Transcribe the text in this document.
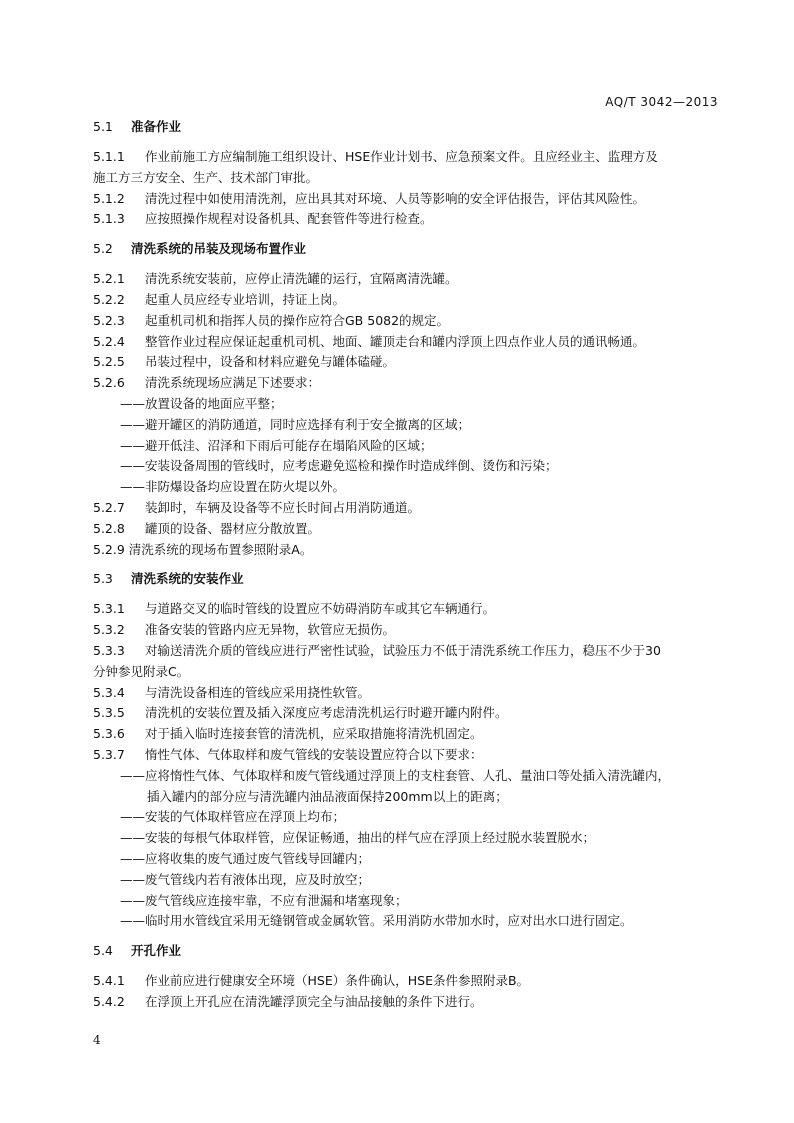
AQ/T 3042—2013
5.1 准备作业
5.1.1 作业前施工方应编制施工组织设计、HSE作业计划书、应急预案文件。且应经业主、监理方及
施工方三方安全、生产、技术部门审批。
5.1.2 清洗过程中如使用清洗剂，应出具其对环境、人员等影响的安全评估报告，评估其风险性。
5.1.3 应按照操作规程对设备机具、配套管件等进行检查。
5.2 清洗系统的吊装及现场布置作业
5.2.1 清洗系统安装前，应停止清洗罐的运行，宜隔离清洗罐。
5.2.2 起重人员应经专业培训，持证上岗。
5.2.3 起重机司机和指挥人员的操作应符合GB 5082的规定。
5.2.4 整管作业过程应保证起重机司机、地面、罐顶走台和罐内浮顶上四点作业人员的通讯畅通。
5.2.5 吊装过程中，设备和材料应避免与罐体磕碰。
5.2.6 清洗系统现场应满足下述要求：
——放置设备的地面应平整；
——避开罐区的消防通道，同时应选择有利于安全撤离的区域；
——避开低洼、沼泽和下雨后可能存在塌陷风险的区域；
——安装设备周围的管线时，应考虑避免巡检和操作时造成绊倒、烫伤和污染；
——非防爆设备均应设置在防火堤以外。
5.2.7 装卸时，车辆及设备等不应长时间占用消防通道。
5.2.8 罐顶的设备、器材应分散放置。
5.2.9 清洗系统的现场布置参照附录A。
5.3 清洗系统的安装作业
5.3.1 与道路交叉的临时管线的设置应不妨碍消防车或其它车辆通行。
5.3.2 准备安装的管路内应无异物，软管应无损伤。
5.3.3 对输送清洗介质的管线应进行严密性试验，试验压力不低于清洗系统工作压力，稳压不少于30
分钟参见附录C。
5.3.4 与清洗设备相连的管线应采用挠性软管。
5.3.5 清洗机的安装位置及插入深度应考虑清洗机运行时避开罐内附件。
5.3.6 对于插入临时连接套管的清洗机，应采取措施将清洗机固定。
5.3.7 惰性气体、气体取样和废气管线的安装设置应符合以下要求：
——应将惰性气体、气体取样和废气管线通过浮顶上的支柱套管、人孔、量油口等处插入清洗罐内，
插入罐内的部分应与清洗罐内油品液面保持200mm以上的距离；
——安装的气体取样管应在浮顶上均布；
——安装的每根气体取样管，应保证畅通，抽出的样气应在浮顶上经过脱水装置脱水；
——应将收集的废气通过废气管线导回罐内；
——废气管线内若有液体出现，应及时放空；
——废气管线应连接牢靠，不应有泄漏和堵塞现象；
——临时用水管线宜采用无缝钢管或金属软管。采用消防水带加水时，应对出水口进行固定。
5.4 开孔作业
5.4.1 作业前应进行健康安全环境（HSE）条件确认，HSE条件参照附录B。
5.4.2 在浮顶上开孔应在清洗罐浮顶完全与油品接触的条件下进行。
4
